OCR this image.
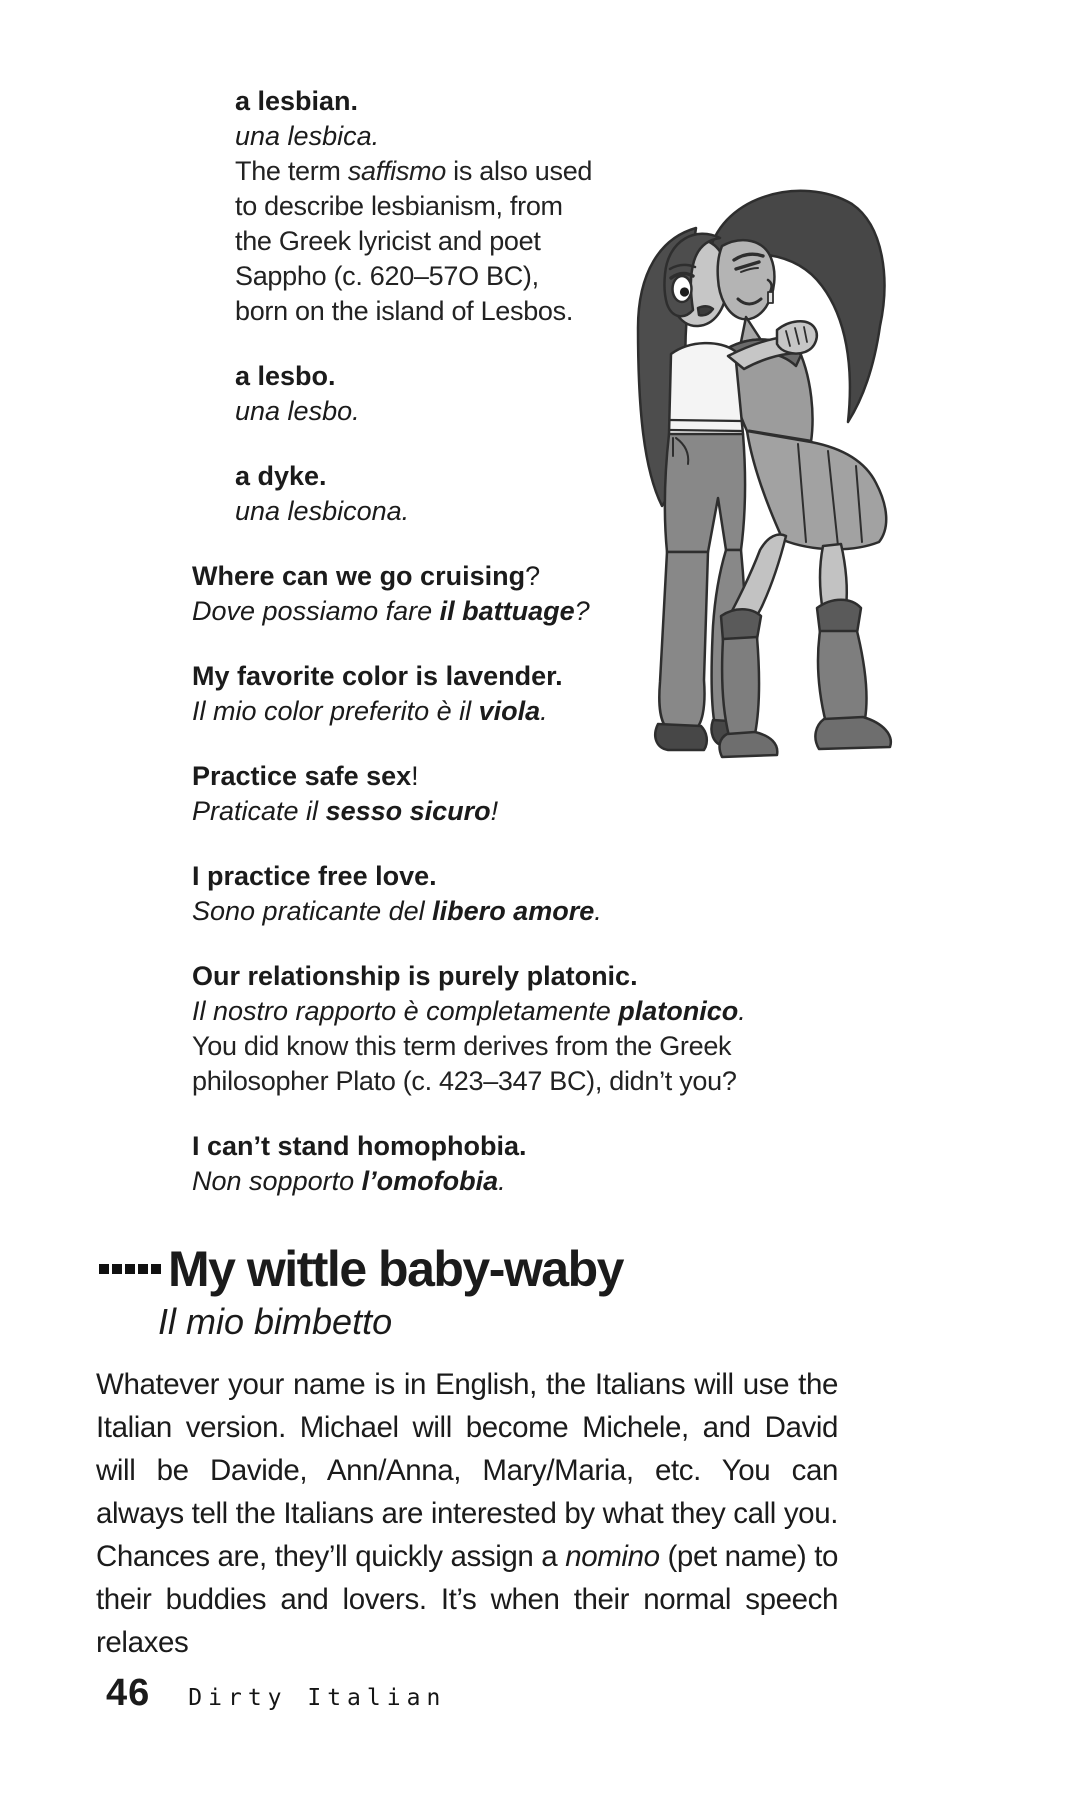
a lesbian.
una lesbica.
The term saffismo is also used to describe lesbianism, from the Greek lyricist and poet Sappho (c. 620–57O BC), born on the island of Lesbos.
a lesbo.
una lesbo.
a dyke.
una lesbicona.
Where can we go cruising?
Dove possiamo fare il battuage?
My favorite color is lavender.
Il mio color preferito è il viola.
Practice safe sex!
Praticate il sesso sicuro!
I practice free love.
Sono praticante del libero amore.
Our relationship is purely platonic.
Il nostro rapporto è completamente platonico.
You did know this term derives from the Greek philosopher Plato (c. 423–347 BC), didn’t you?
I can’t stand homophobia.
Non sopporto l’omofobia.
My wittle baby-waby
Il mio bimbetto
Whatever your name is in English, the Italians will use the Italian version. Michael will become Michele, and David will be Davide, Ann/Anna, Mary/Maria, etc. You can always tell the Italians are interested by what they call you. Chances are, they’ll quickly assign a nomino (pet name) to their buddies and lovers. It’s when their normal speech relaxes
46 Dirty Italian
